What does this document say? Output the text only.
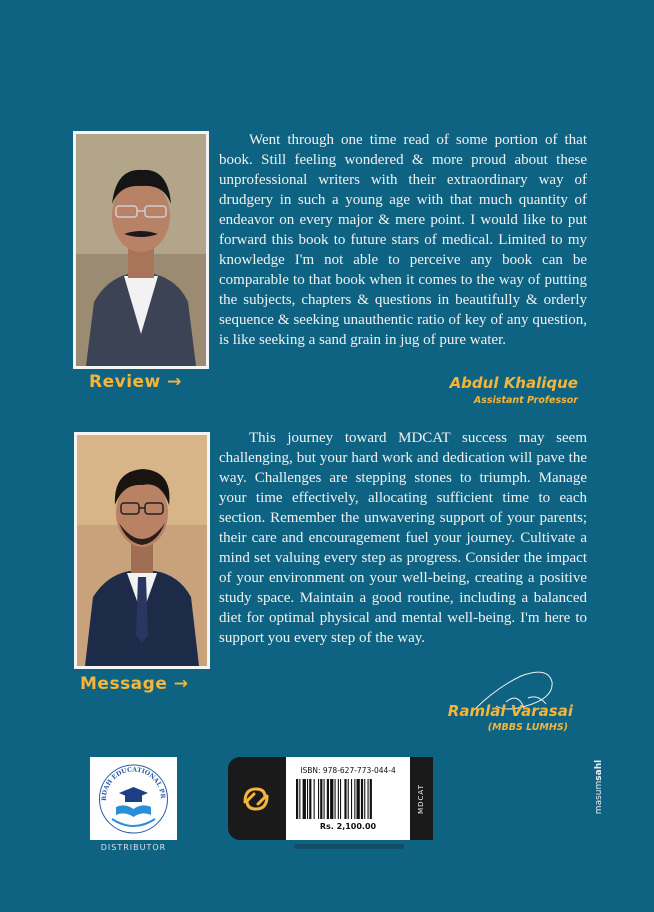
Review →

Went through one time read of some portion of that book. Still feeling wondered & more proud about these unprofessional writers with their extraordinary way of drudgery in such a young age with that much quantity of endeavor on every major & mere point. I would like to put forward this book to future stars of medical. Limited to my knowledge I'm not able to perceive any book can be comparable to that book when it comes to the way of putting the subjects, chapters & questions in beautifully & orderly sequence & seeking unauthentic ratio of key of any question, is like seeking a sand grain in jug of pure water.

Abdul Khalique
Assistant Professor
Message →

This journey toward MDCAT success may seem challenging, but your hard work and dedication will pave the way. Challenges are stepping stones to triumph. Manage your time effectively, allocating sufficient time to each section. Remember the unwavering support of your parents; their care and encouragement fuel your journey. Cultivate a mind set valuing every step as progress. Consider the impact of your environment on your well-being, creating a positive study space. Maintain a good routine, including a balanced diet for optimal physical and mental well-being. I'm here to support you every step of the way.

Ramlal Varasai
(MBBS LUMHS)
RDAH EDUCATIONAL PR
DISTRIBUTOR
ISBN: 978-627-773-044-4
Rs. 2,100.00
MDCAT	masumsahl
